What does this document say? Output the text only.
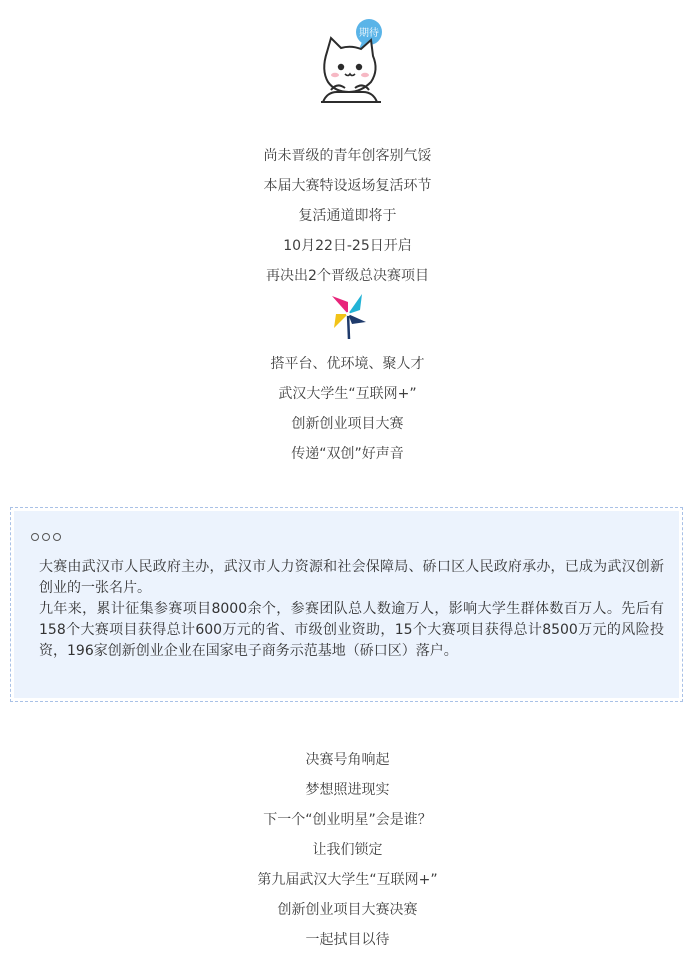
期待
尚未晋级的青年创客别气馁
本届大赛特设返场复活环节
复活通道即将于
10月22日-25日开启
再决出2个晋级总决赛项目
搭平台、优环境、聚人才
武汉大学生“互联网+”
创新创业项目大赛
传递“双创”好声音

大赛由武汉市人民政府主办，武汉市人力资源和社会保障局、硚口区人民政府承办，已成为武汉创新创业的一张名片。

九年来，累计征集参赛项目8000余个，参赛团队总人数逾万人，影响大学生群体数百万人。先后有158个大赛项目获得总计600万元的省、市级创业资助，15个大赛项目获得总计8500万元的风险投资，196家创新创业企业在国家电子商务示范基地（硚口区）落户。

决赛号角响起
梦想照进现实
下一个“创业明星”会是谁？
让我们锁定
第九届武汉大学生“互联网+”
创新创业项目大赛决赛
一起拭目以待
